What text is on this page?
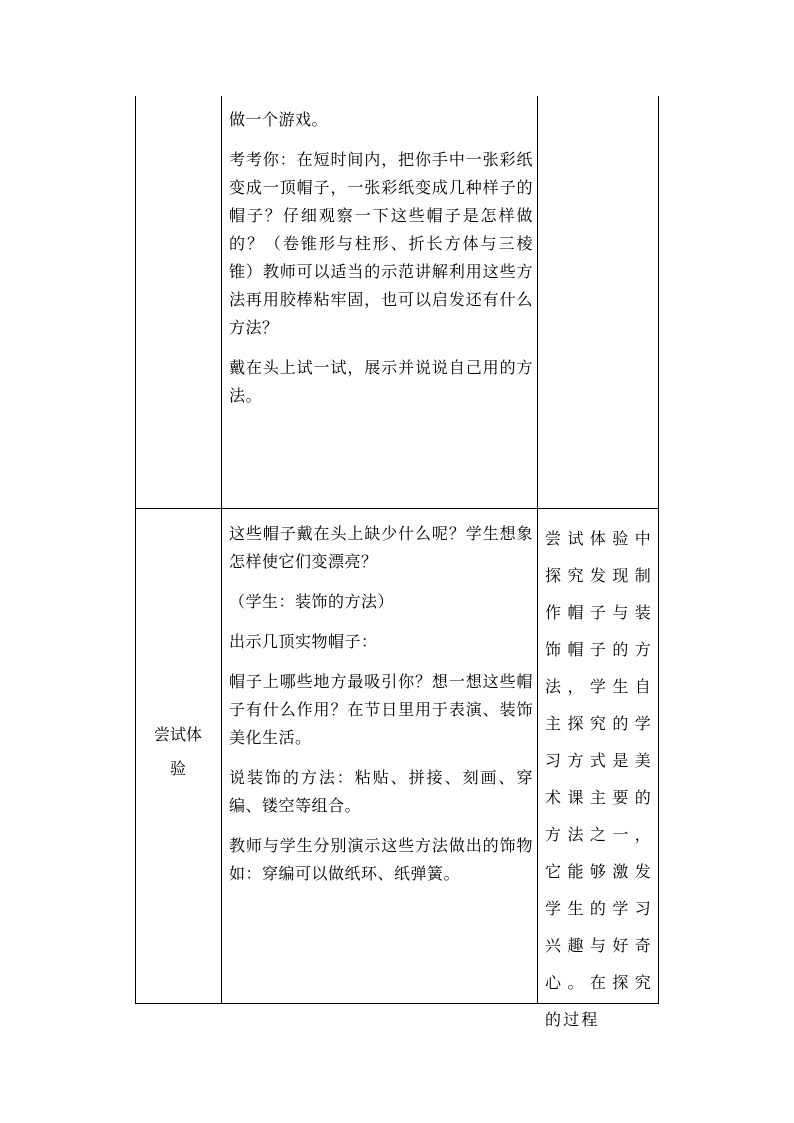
做一个游戏。

考考你：在短时间内，把你手中一张彩纸变成一顶帽子，一张彩纸变成几种样子的帽子？仔细观察一下这些帽子是怎样做的？（卷锥形与柱形、折长方体与三棱锥）教师可以适当的示范讲解利用这些方法再用胶棒粘牢固，也可以启发还有什么方法？

戴在头上试一试，展示并说说自己用的方法。

尝试体
验

这些帽子戴在头上缺少什么呢？学生想象怎样使它们变漂亮？

（学生：装饰的方法）

出示几顶实物帽子：

帽子上哪些地方最吸引你？想一想这些帽子有什么作用？在节日里用于表演、装饰美化生活。

说装饰的方法：粘贴、拼接、刻画、穿编、镂空等组合。

教师与学生分别演示这些方法做出的饰物如：穿编可以做纸环、纸弹簧。

尝试体验中探究发现制作帽子与装饰帽子的方法，学生自主探究的学习方式是美术课主要的方法之一，它能够激发学生的学习兴趣与好奇心。在探究的过程
